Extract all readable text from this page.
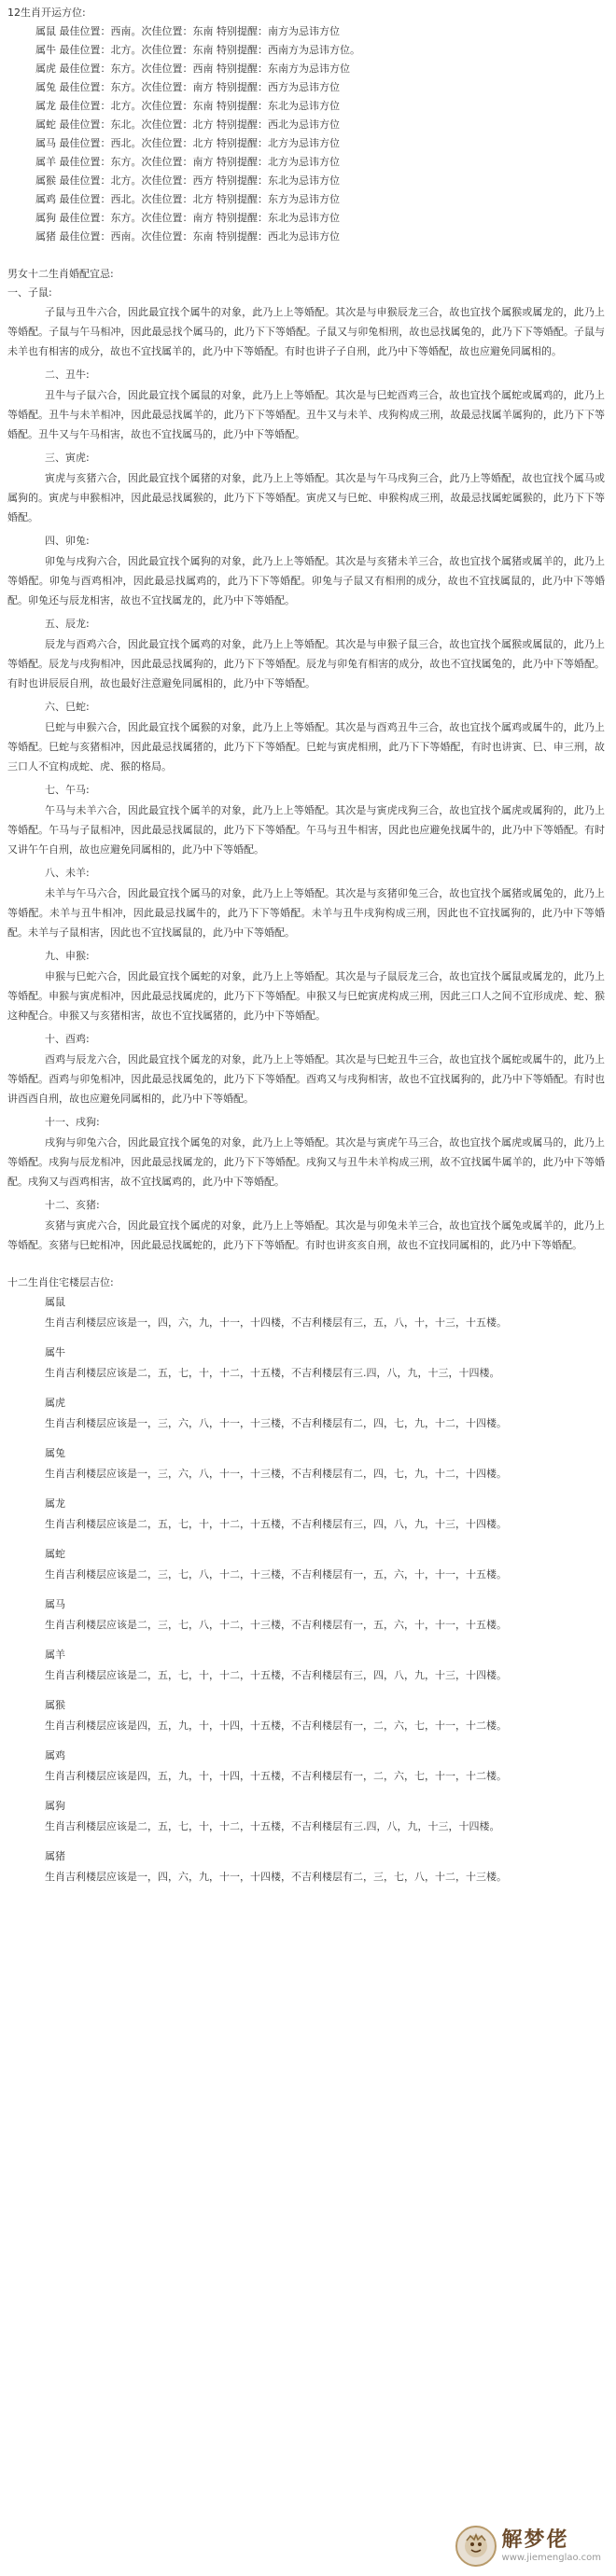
12生肖开运方位:
属鼠 最佳位置：西南。次佳位置：东南 特别提醒：南方为忌讳方位
属牛 最佳位置：北方。次佳位置：东南 特别提醒：西南方为忌讳方位。
属虎 最佳位置：东方。次佳位置：西南 特别提醒：东南方为忌讳方位
属兔 最佳位置：东方。次佳位置：南方 特别提醒：西方为忌讳方位
属龙 最佳位置：北方。次佳位置：东南 特别提醒：东北为忌讳方位
属蛇 最佳位置：东北。次佳位置：北方 特别提醒：西北为忌讳方位
属马 最佳位置：西北。次佳位置：北方 特别提醒：北方为忌讳方位
属羊 最佳位置：东方。次佳位置：南方 特别提醒：北方为忌讳方位
属猴 最佳位置：北方。次佳位置：西方 特别提醒：东北为忌讳方位
属鸡 最佳位置：西北。次佳位置：北方 特别提醒：东方为忌讳方位
属狗 最佳位置：东方。次佳位置：南方 特别提醒：东北为忌讳方位
属猪 最佳位置：西南。次佳位置：东南 特别提醒：西北为忌讳方位
男女十二生肖婚配宜忌:
一、子鼠:
子鼠与丑牛六合，因此最宜找个属牛的对象，此乃上上等婚配。其次是与申猴辰龙三合，故也宜找个属猴或属龙的，此乃上等婚配。子鼠与午马相冲，因此最忌找个属马的，此乃下下等婚配。子鼠又与卯兔相刑，故也忌找属兔的，此乃下下等婚配。子鼠与未羊也有相害的成分，故也不宜找属羊的，此乃中下等婚配。有时也讲子子自刑，此乃中下等婚配，故也应避免同属相的。
二、丑牛:
丑牛与子鼠六合，因此最宜找个属鼠的对象，此乃上上等婚配。其次是与巳蛇酉鸡三合，故也宜找个属蛇或属鸡的，此乃上等婚配。丑牛与未羊相冲，因此最忌找属羊的，此乃下下等婚配。丑牛又与未羊、戌狗构成三刑，故最忌找属羊属狗的，此乃下下等婚配。丑牛又与午马相害，故也不宜找属马的，此乃中下等婚配。
三、寅虎:
寅虎与亥猪六合，因此最宜找个属猪的对象，此乃上上等婚配。其次是与午马戌狗三合，此乃上等婚配，故也宜找个属马或属狗的。寅虎与申猴相冲，因此最忌找属猴的，此乃下下等婚配。寅虎又与巳蛇、申猴构成三刑，故最忌找属蛇属猴的，此乃下下等婚配。
四、卯兔:
卯兔与戌狗六合，因此最宜找个属狗的对象，此乃上上等婚配。其次是与亥猪未羊三合，故也宜找个属猪或属羊的，此乃上等婚配。卯兔与酉鸡相冲，因此最忌找属鸡的，此乃下下等婚配。卯兔与子鼠又有相刑的成分，故也不宜找属鼠的，此乃中下等婚配。卯兔还与辰龙相害，故也不宜找属龙的，此乃中下等婚配。
五、辰龙:
辰龙与酉鸡六合，因此最宜找个属鸡的对象，此乃上上等婚配。其次是与申猴子鼠三合，故也宜找个属猴或属鼠的，此乃上等婚配。辰龙与戌狗相冲，因此最忌找属狗的，此乃下下等婚配。辰龙与卯兔有相害的成分，故也不宜找属兔的，此乃中下等婚配。有时也讲辰辰自刑，故也最好注意避免同属相的，此乃中下等婚配。
六、巳蛇:
巳蛇与申猴六合，因此最宜找个属猴的对象，此乃上上等婚配。其次是与酉鸡丑牛三合，故也宜找个属鸡或属牛的，此乃上等婚配。巳蛇与亥猪相冲，因此最忌找属猪的，此乃下下等婚配。巳蛇与寅虎相刑，此乃下下等婚配，有时也讲寅、巳、申三刑，故三口人不宜构成蛇、虎、猴的格局。
七、午马:
午马与未羊六合，因此最宜找个属羊的对象，此乃上上等婚配。其次是与寅虎戌狗三合，故也宜找个属虎或属狗的，此乃上等婚配。午马与子鼠相冲，因此最忌找属鼠的，此乃下下等婚配。午马与丑牛相害，因此也应避免找属牛的，此乃中下等婚配。有时又讲午午自刑，故也应避免同属相的，此乃中下等婚配。
八、未羊:
未羊与午马六合，因此最宜找个属马的对象，此乃上上等婚配。其次是与亥猪卯兔三合，故也宜找个属猪或属兔的，此乃上等婚配。未羊与丑牛相冲，因此最忌找属牛的，此乃下下等婚配。未羊与丑牛戌狗构成三刑，因此也不宜找属狗的，此乃中下等婚配。未羊与子鼠相害，因此也不宜找属鼠的，此乃中下等婚配。
九、申猴:
申猴与巳蛇六合，因此最宜找个属蛇的对象，此乃上上等婚配。其次是与子鼠辰龙三合，故也宜找个属鼠或属龙的，此乃上等婚配。申猴与寅虎相冲，因此最忌找属虎的，此乃下下等婚配。申猴又与巳蛇寅虎构成三刑，因此三口人之间不宜形成虎、蛇、猴这种配合。申猴又与亥猪相害，故也不宜找属猪的，此乃中下等婚配。
十、酉鸡:
酉鸡与辰龙六合，因此最宜找个属龙的对象，此乃上上等婚配。其次是与巳蛇丑牛三合，故也宜找个属蛇或属牛的，此乃上等婚配。酉鸡与卯兔相冲，因此最忌找属兔的，此乃下下等婚配。酉鸡又与戌狗相害，故也不宜找属狗的，此乃中下等婚配。有时也讲酉酉自刑，故也应避免同属相的，此乃中下等婚配。
十一、戌狗:
戌狗与卯兔六合，因此最宜找个属兔的对象，此乃上上等婚配。其次是与寅虎午马三合，故也宜找个属虎或属马的，此乃上等婚配。戌狗与辰龙相冲，因此最忌找属龙的，此乃下下等婚配。戌狗又与丑牛未羊构成三刑，故不宜找属牛属羊的，此乃中下等婚配。戌狗又与酉鸡相害，故不宜找属鸡的，此乃中下等婚配。
十二、亥猪:
亥猪与寅虎六合，因此最宜找个属虎的对象，此乃上上等婚配。其次是与卯兔未羊三合，故也宜找个属兔或属羊的，此乃上等婚配。亥猪与巳蛇相冲，因此最忌找属蛇的，此乃下下等婚配。有时也讲亥亥自刑，故也不宜找同属相的，此乃中下等婚配。
十二生肖住宅楼层吉位:
属鼠
生肖吉利楼层应该是一，四，六，九，十一，十四楼，不吉利楼层有三，五，八，十，十三，十五楼。
属牛
生肖吉利楼层应该是二，五，七，十，十二，十五楼，不吉利楼层有三.四，八，九，十三，十四楼。
属虎
生肖吉利楼层应该是一，三，六，八，十一，十三楼，不吉利楼层有二，四，七，九，十二，十四楼。
属兔
生肖吉利楼层应该是一，三，六，八，十一，十三楼，不吉利楼层有二，四，七，九，十二，十四楼。
属龙
生肖吉利楼层应该是二，五，七，十，十二，十五楼，不吉利楼层有三，四，八，九，十三，十四楼。
属蛇
生肖吉利楼层应该是二，三，七，八，十二，十三楼，不吉利楼层有一，五，六，十，十一，十五楼。
属马
生肖吉利楼层应该是二，三，七，八，十二，十三楼，不吉利楼层有一，五，六，十，十一，十五楼。
属羊
生肖吉利楼层应该是二，五，七，十，十二，十五楼，不吉利楼层有三，四，八，九，十三，十四楼。
属猴
生肖吉利楼层应该是四，五，九，十，十四，十五楼，不吉利楼层有一，二，六，七，十一，十二楼。
属鸡
生肖吉利楼层应该是四，五，九，十，十四，十五楼，不吉利楼层有一，二，六，七，十一，十二楼。
属狗
生肖吉利楼层应该是二，五，七，十，十二，十五楼，不吉利楼层有三.四，八，九，十三，十四楼。
属猪
生肖吉利楼层应该是一，四，六，九，十一，十四楼，不吉利楼层有二，三，七，八，十二，十三楼。
解梦佬
www.jiemenglao.com
